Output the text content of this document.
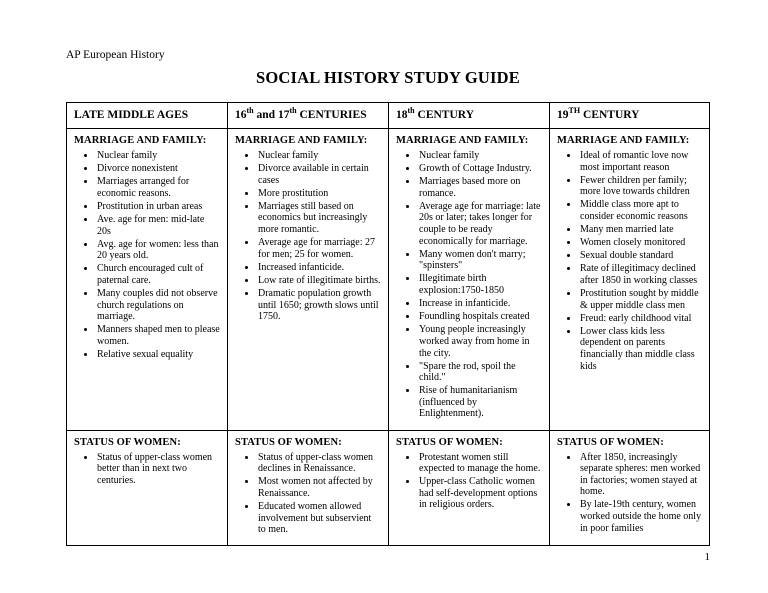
AP European History
SOCIAL HISTORY STUDY GUIDE
LATE MIDDLE AGES	16th and 17th CENTURIES	18th CENTURY	19TH CENTURY

MARRIAGE AND FAMILY:
• Nuclear family
• Divorce nonexistent
• Marriages arranged for economic reasons.
• Prostitution in urban areas
• Ave. age for men: mid-late 20s
• Avg. age for women: less than 20 years old.
• Church encouraged cult of paternal care.
• Many couples did not observe church regulations on marriage.
• Manners shaped men to please women.
• Relative sexual equality

MARRIAGE AND FAMILY:
• Nuclear family
• Divorce available in certain cases
• More prostitution
• Marriages still based on economics but increasingly more romantic.
• Average age for marriage: 27 for men; 25 for women.
• Increased infanticide.
• Low rate of illegitimate births.
• Dramatic population growth until 1650; growth slows until 1750.

MARRIAGE AND FAMILY:
• Nuclear family
• Growth of Cottage Industry.
• Marriages based more on romance.
• Average age for marriage: late 20s or later; takes longer for couple to be ready economically for marriage.
• Many women don't marry; "spinsters"
• Illegitimate birth explosion:1750-1850
• Increase in infanticide.
• Foundling hospitals created
• Young people increasingly worked away from home in the city.
• "Spare the rod, spoil the child."
• Rise of humanitarianism (influenced by Enlightenment).

MARRIAGE AND FAMILY:
• Ideal of romantic love now most important reason
• Fewer children per family; more love towards children
• Middle class more apt to consider economic reasons
• Many men married late
• Women closely monitored
• Sexual double standard
• Rate of illegitimacy declined after 1850 in working classes
• Prostitution sought by middle & upper middle class men
• Freud: early childhood vital
• Lower class kids less dependent on parents financially than middle class kids

STATUS OF WOMEN:
• Status of upper-class women better than in next two centuries.

STATUS OF WOMEN:
• Status of upper-class women declines in Renaissance.
• Most women not affected by Renaissance.
• Educated women allowed involvement but subservient to men.

STATUS OF WOMEN:
• Protestant women still expected to manage the home.
• Upper-class Catholic women had self-development options in religious orders.

STATUS OF WOMEN:
• After 1850, increasingly separate spheres: men worked in factories; women stayed at home.
• By late-19th century, women worked outside the home only in poor families
1
